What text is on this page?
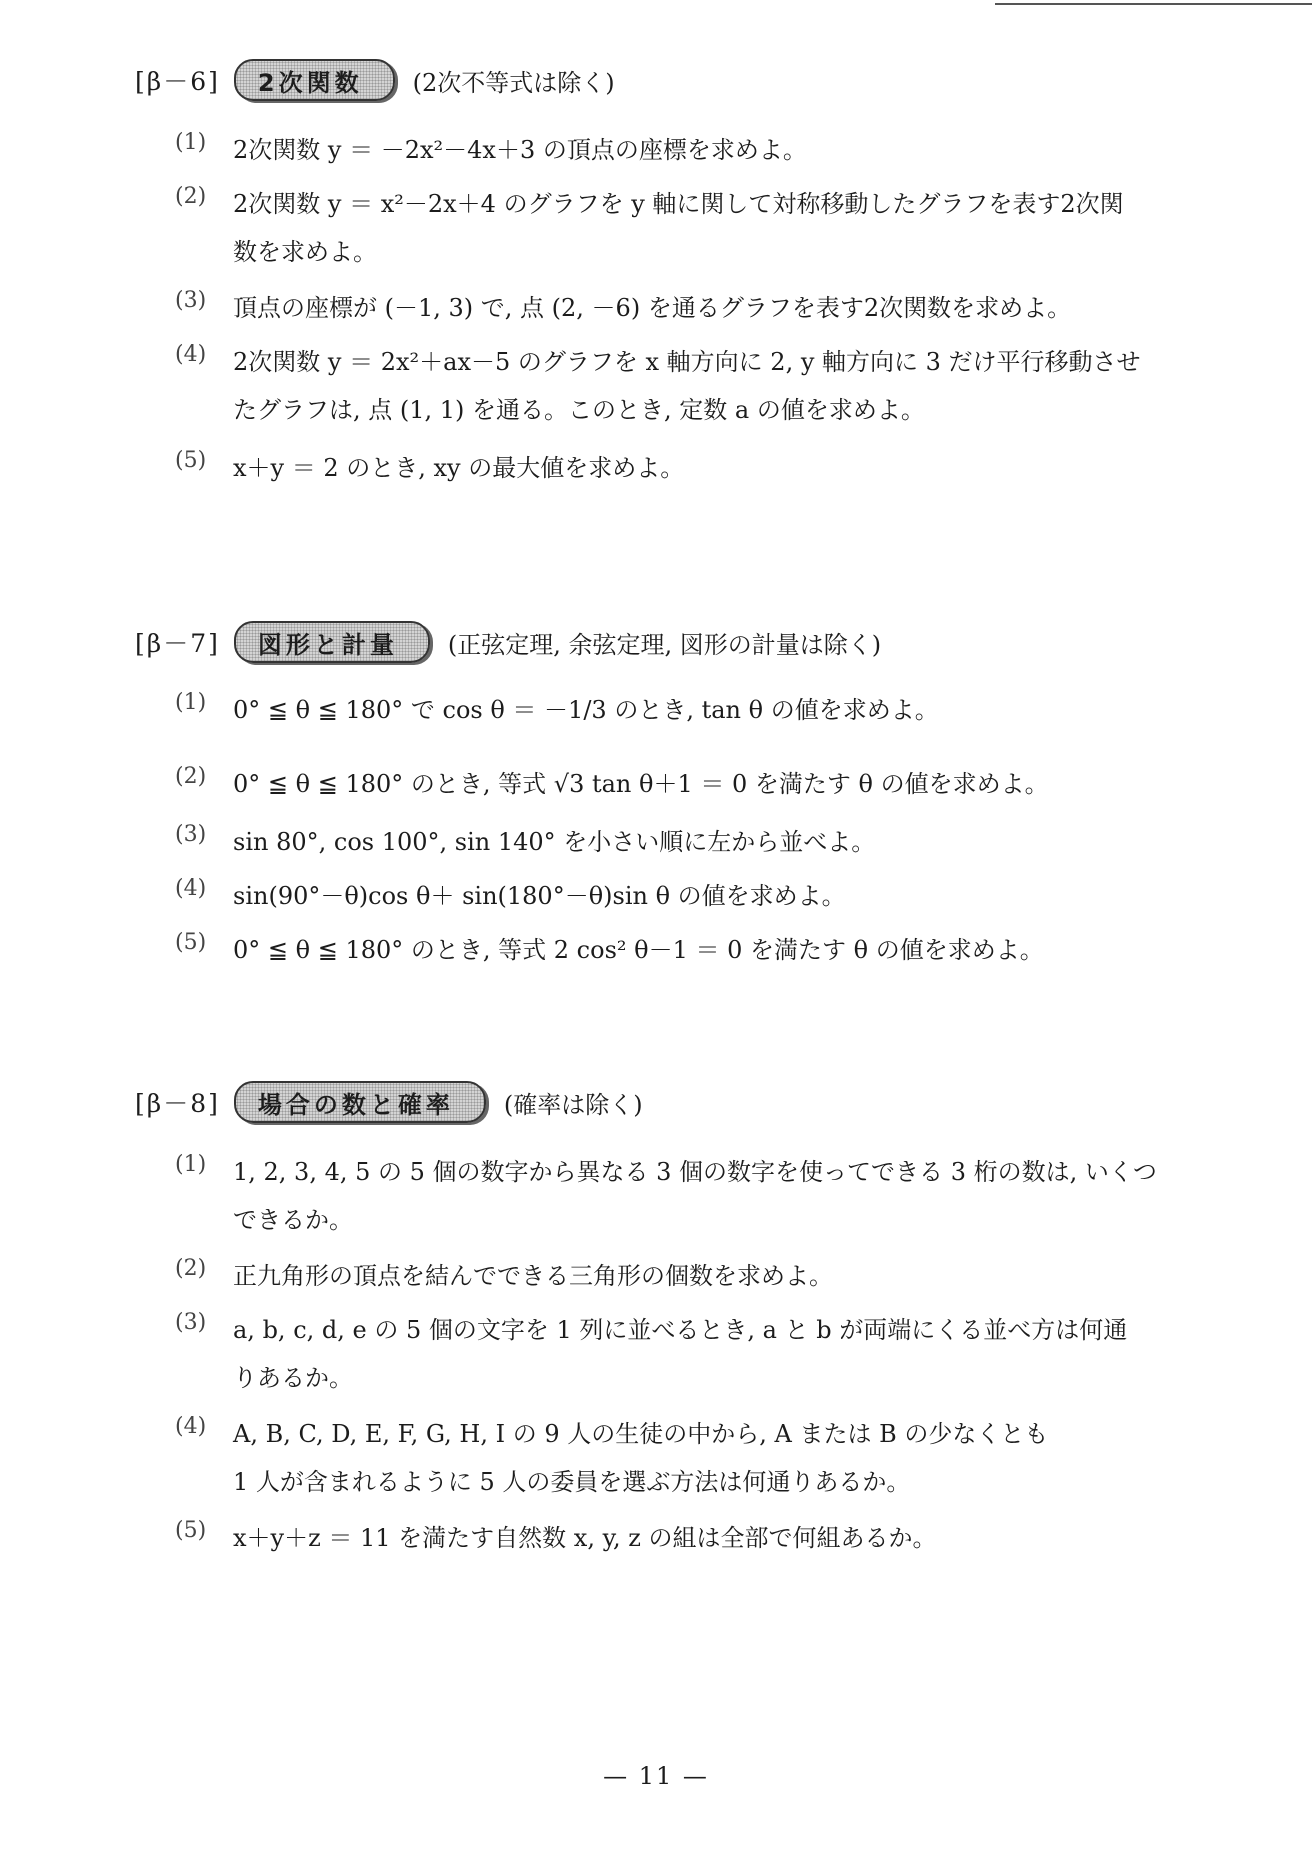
[β－6]	2次関数	(2次不等式は除く)
(1)	2次関数 y ＝ －2x²－4x＋3 の頂点の座標を求めよ。
(2)	2次関数 y ＝ x²－2x＋4 のグラフを y 軸に関して対称移動したグラフを表す2次関
数を求めよ。
(3)	頂点の座標が (－1, 3) で, 点 (2, －6) を通るグラフを表す2次関数を求めよ。
(4)	2次関数 y ＝ 2x²＋ax－5 のグラフを x 軸方向に 2, y 軸方向に 3 だけ平行移動させ
たグラフは, 点 (1, 1) を通る。このとき, 定数 a の値を求めよ。
(5)	x＋y ＝ 2 のとき, xy の最大値を求めよ。
[β－7]	図形と計量	(正弦定理, 余弦定理, 図形の計量は除く)
(1)	0° ≦ θ ≦ 180° で cos θ ＝ －1/3 のとき, tan θ の値を求めよ。
(2)	0° ≦ θ ≦ 180° のとき, 等式 √3 tan θ＋1 ＝ 0 を満たす θ の値を求めよ。
(3)	sin 80°, cos 100°, sin 140° を小さい順に左から並べよ。
(4)	sin(90°－θ)cos θ＋ sin(180°－θ)sin θ の値を求めよ。
(5)	0° ≦ θ ≦ 180° のとき, 等式 2 cos² θ－1 ＝ 0 を満たす θ の値を求めよ。
[β－8]	場合の数と確率	(確率は除く)
(1)	1, 2, 3, 4, 5 の 5 個の数字から異なる 3 個の数字を使ってできる 3 桁の数は, いくつ
できるか。
(2)	正九角形の頂点を結んでできる三角形の個数を求めよ。
(3)	a, b, c, d, e の 5 個の文字を 1 列に並べるとき, a と b が両端にくる並べ方は何通
りあるか。
(4)	A, B, C, D, E, F, G, H, I の 9 人の生徒の中から, A または B の少なくとも
1 人が含まれるように 5 人の委員を選ぶ方法は何通りあるか。
(5)	x＋y＋z ＝ 11 を満たす自然数 x, y, z の組は全部で何組あるか。
— 11 —
